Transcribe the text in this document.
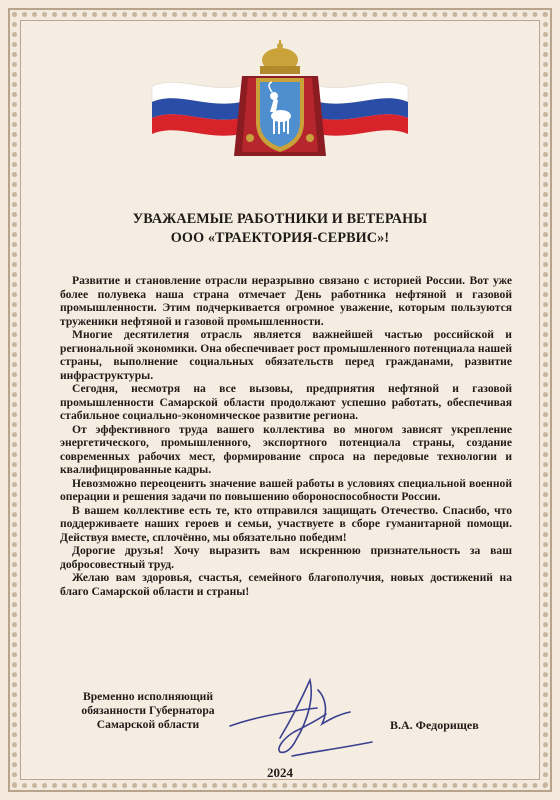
УВАЖАЕМЫЕ РАБОТНИКИ И ВЕТЕРАНЫ
ООО «ТРАЕКТОРИЯ-СЕРВИС»!

Развитие и становление отрасли неразрывно связано с историей России. Вот уже более полувека наша страна отмечает День работника нефтяной и газовой промышленности. Этим подчеркивается огромное уважение, которым пользуются труженики нефтяной и газовой промышленности.

Многие десятилетия отрасль является важнейшей частью российской и региональной экономики. Она обеспечивает рост промышленного потенциала нашей страны, выполнение социальных обязательств перед гражданами, развитие инфраструктуры.

Сегодня, несмотря на все вызовы, предприятия нефтяной и газовой промышленности Самарской области продолжают успешно работать, обеспечивая стабильное социально-экономическое развитие региона.

От эффективного труда вашего коллектива во многом зависят укрепление энергетического, промышленного, экспортного потенциала страны, создание современных рабочих мест, формирование спроса на передовые технологии и квалифицированные кадры.

Невозможно переоценить значение вашей работы в условиях специальной военной операции и решения задачи по повышению обороноспособности России.

В вашем коллективе есть те, кто отправился защищать Отечество. Спасибо, что поддерживаете наших героев и семьи, участвуете в сборе гуманитарной помощи. Действуя вместе, сплочённо, мы обязательно победим!

Дорогие друзья! Хочу выразить вам искреннюю признательность за ваш добросовестный труд.

Желаю вам здоровья, счастья, семейного благополучия, новых достижений на благо Самарской области и страны!

Временно исполняющий
обязанности Губернатора
Самарской области	В.А. Федорищев
2024
